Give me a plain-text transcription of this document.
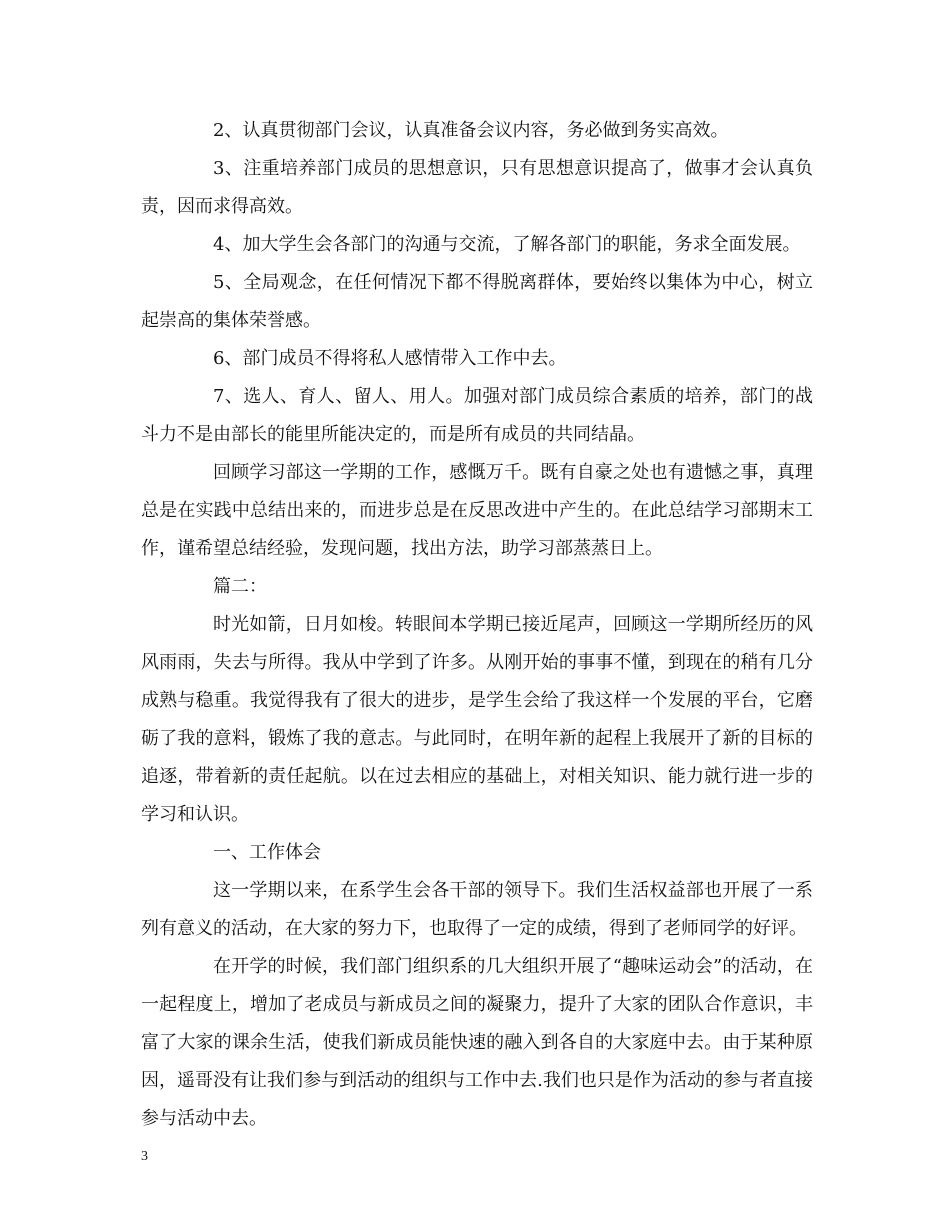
2、认真贯彻部门会议，认真准备会议内容，务必做到务实高效。

3、注重培养部门成员的思想意识，只有思想意识提高了，做事才会认真负责，因而求得高效。

4、加大学生会各部门的沟通与交流，了解各部门的职能，务求全面发展。

5、全局观念，在任何情况下都不得脱离群体，要始终以集体为中心，树立起崇高的集体荣誉感。

6、部门成员不得将私人感情带入工作中去。

7、选人、育人、留人、用人。加强对部门成员综合素质的培养，部门的战斗力不是由部长的能里所能决定的，而是所有成员的共同结晶。

回顾学习部这一学期的工作，感慨万千。既有自豪之处也有遗憾之事，真理总是在实践中总结出来的，而进步总是在反思改进中产生的。在此总结学习部期末工作，谨希望总结经验，发现问题，找出方法，助学习部蒸蒸日上。

篇二：

时光如箭，日月如梭。转眼间本学期已接近尾声，回顾这一学期所经历的风风雨雨，失去与所得。我从中学到了许多。从刚开始的事事不懂，到现在的稍有几分成熟与稳重。我觉得我有了很大的进步，是学生会给了我这样一个发展的平台，它磨砺了我的意料，锻炼了我的意志。与此同时，在明年新的起程上我展开了新的目标的追逐，带着新的责任起航。以在过去相应的基础上，对相关知识、能力就行进一步的学习和认识。

一、工作体会

这一学期以来，在系学生会各干部的领导下。我们生活权益部也开展了一系列有意义的活动，在大家的努力下，也取得了一定的成绩，得到了老师同学的好评。

在开学的时候，我们部门组织系的几大组织开展了“趣味运动会”的活动，在一起程度上，增加了老成员与新成员之间的凝聚力，提升了大家的团队合作意识，丰富了大家的课余生活，使我们新成员能快速的融入到各自的大家庭中去。由于某种原因，遥哥没有让我们参与到活动的组织与工作中去.我们也只是作为活动的参与者直接参与活动中去。

3
